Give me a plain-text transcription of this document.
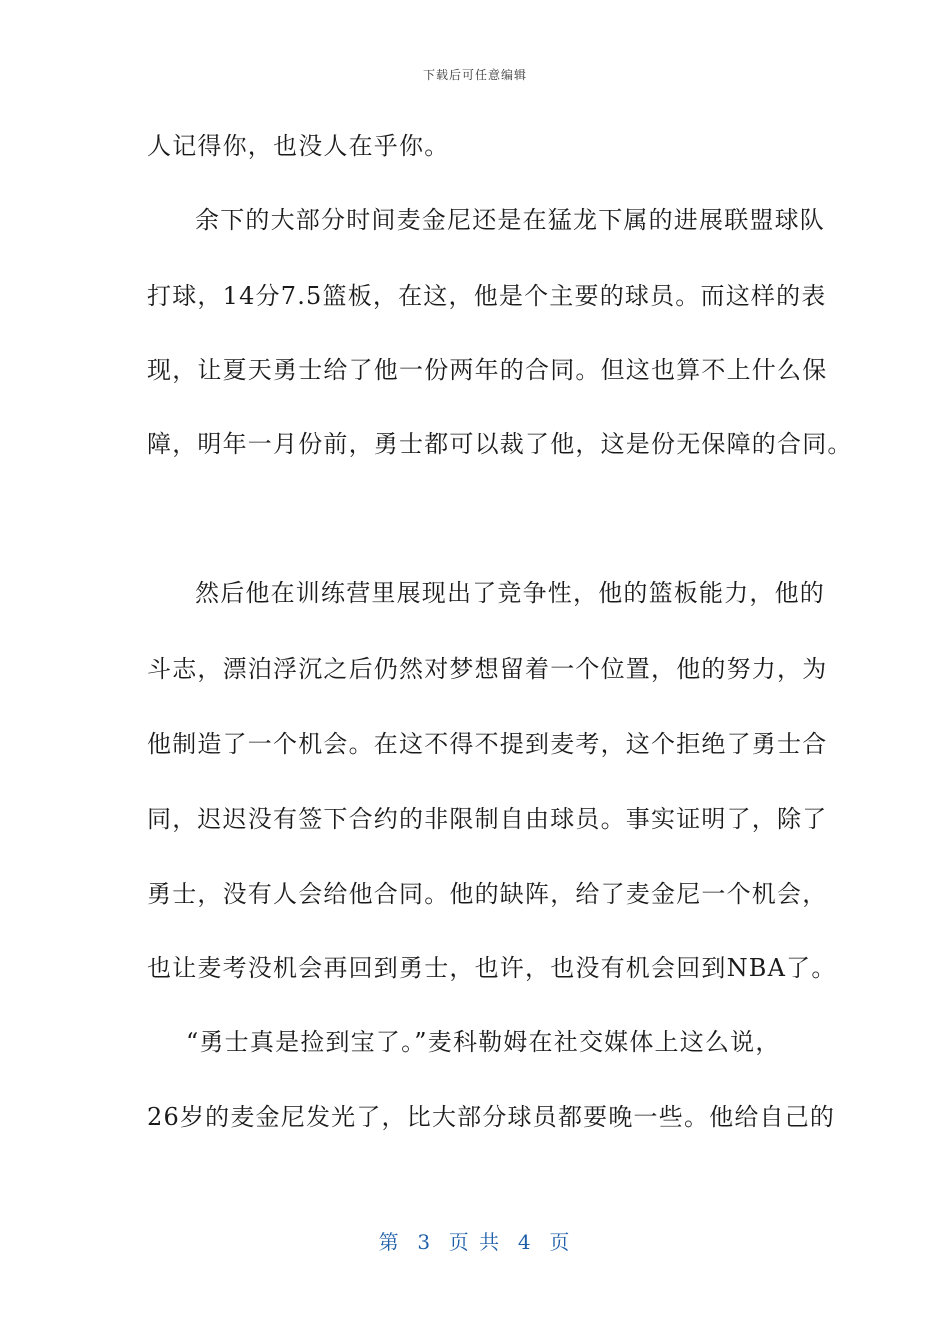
下载后可任意编辑
人记得你，也没人在乎你。
余下的大部分时间麦金尼还是在猛龙下属的进展联盟球队
打球，14分7.5篮板，在这，他是个主要的球员。而这样的表
现，让夏天勇士给了他一份两年的合同。但这也算不上什么保
障，明年一月份前，勇士都可以裁了他，这是份无保障的合同。
然后他在训练营里展现出了竞争性，他的篮板能力，他的
斗志，漂泊浮沉之后仍然对梦想留着一个位置，他的努力，为
他制造了一个机会。在这不得不提到麦考，这个拒绝了勇士合
同，迟迟没有签下合约的非限制自由球员。事实证明了，除了
勇士，没有人会给他合同。他的缺阵，给了麦金尼一个机会，
也让麦考没机会再回到勇士，也许，也没有机会回到NBA了。
“勇士真是捡到宝了。”麦科勒姆在社交媒体上这么说，
26岁的麦金尼发光了，比大部分球员都要晚一些。他给自己的
第  3  页 共  4  页
